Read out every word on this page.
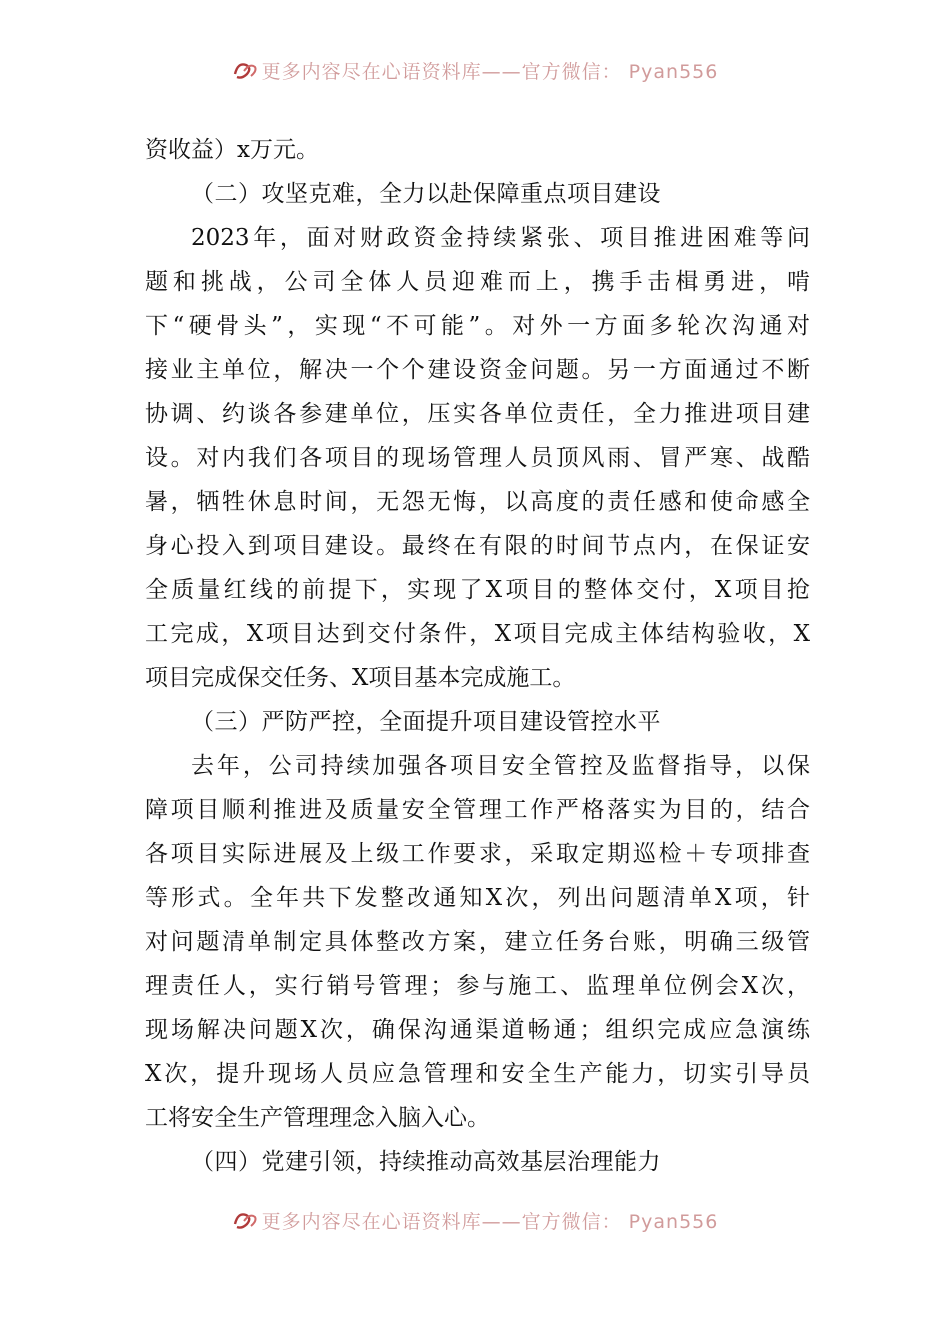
更多内容尽在心语资料库——官方微信： Pyan556
资收益）x万元。
（二）攻坚克难，全力以赴保障重点项目建设
2023年，面对财政资金持续紧张、项目推进困难等问
题和挑战，公司全体人员迎难而上，携手击楫勇进，啃
下“硬骨头”，实现“不可能”。对外一方面多轮次沟通对
接业主单位，解决一个个建设资金问题。另一方面通过不断
协调、约谈各参建单位，压实各单位责任，全力推进项目建
设。对内我们各项目的现场管理人员顶风雨、冒严寒、战酷
暑，牺牲休息时间，无怨无悔，以高度的责任感和使命感全
身心投入到项目建设。最终在有限的时间节点内，在保证安
全质量红线的前提下，实现了X项目的整体交付，X项目抢
工完成，X项目达到交付条件，X项目完成主体结构验收，X
项目完成保交任务、X项目基本完成施工。
（三）严防严控，全面提升项目建设管控水平
去年，公司持续加强各项目安全管控及监督指导，以保
障项目顺利推进及质量安全管理工作严格落实为目的，结合
各项目实际进展及上级工作要求，采取定期巡检＋专项排查
等形式。全年共下发整改通知X次，列出问题清单X项，针
对问题清单制定具体整改方案，建立任务台账，明确三级管
理责任人，实行销号管理；参与施工、监理单位例会X次，
现场解决问题X次，确保沟通渠道畅通；组织完成应急演练
X次，提升现场人员应急管理和安全生产能力，切实引导员
工将安全生产管理理念入脑入心。
（四）党建引领，持续推动高效基层治理能力
更多内容尽在心语资料库——官方微信： Pyan556
